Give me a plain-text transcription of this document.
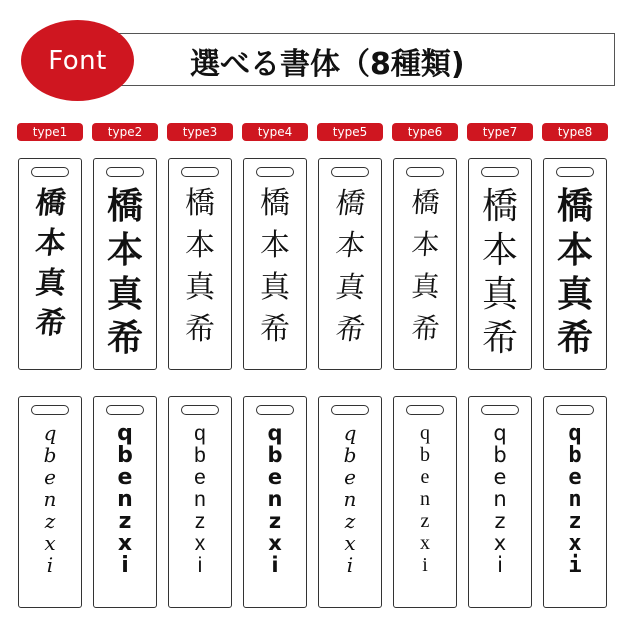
Font	選べる書体（8種類)
type1
橋
本
真
希
q
b
e
n
z
x
i
type2
橋
本
真
希
q
b
e
n
z
x
i
type3
橋
本
真
希
q
b
e
n
z
x
i
type4
橋
本
真
希
q
b
e
n
z
x
i
type5
橋
本
真
希
q
b
e
n
z
x
i
type6
橋
本
真
希
q
b
e
n
z
x
i
type7
橋
本
真
希
q
b
e
n
z
x
i
type8
橋
本
真
希
q
b
e
n
z
x
i
